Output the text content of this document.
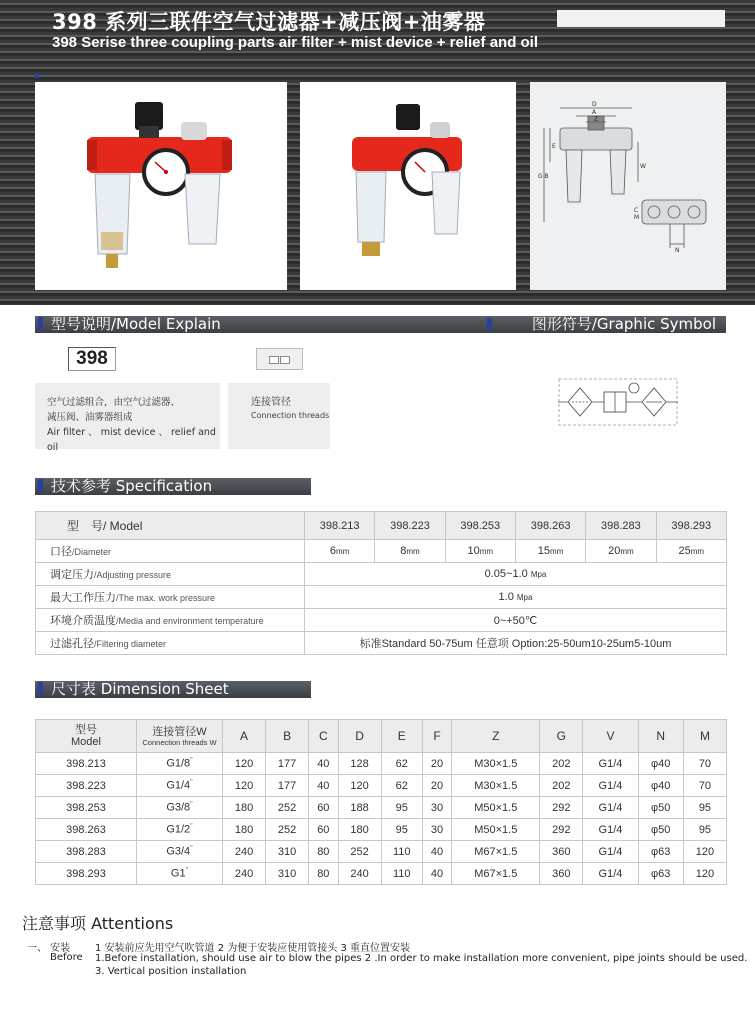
398 系列三联件空气过滤器+减压阀+油雾器
398 Serise three coupling parts air filter + mist device + relief and oil
D
A
Z
E
G B
W
C
M
N
型号说明/Model Explain	图形符号/Graphic Symbol
398
空气过滤组合，由空气过滤器、
减压阀、油雾器组成
Air filter 、 mist device 、 relief and oil
连接管径
Connection threads
技术参考 Specification
型　号/ Model	398.213	398.223	398.253	398.263	398.283	398.293
口径/Diameter	6mm	8mm	10mm	15mm	20mm	25mm
调定压力/Adjusting pressure	0.05~1.0 Mpa					
最大工作压力/The max. work pressure	1.0 Mpa					
环境介质温度/Media and environment temperature	0~+50℃					
过滤孔径/Filtering diameter	标准Standard 50-75um 任意项 Option:25-50um10-25um5-10um					
尺寸表 Dimension Sheet
型号
Model	连接管径W
Connection threads W	A	B	C	D	E	F	Z	G	V	N	M
398.213	G1/8"	120	177	40	128	62	20	M30×1.5	202	G1/4	φ40	70
398.223	G1/4"	120	177	40	120	62	20	M30×1.5	202	G1/4	φ40	70
398.253	G3/8"	180	252	60	188	95	30	M50×1.5	292	G1/4	φ50	95
398.263	G1/2"	180	252	60	180	95	30	M50×1.5	292	G1/4	φ50	95
398.283	G3/4"	240	310	80	252	110	40	M67×1.5	360	G1/4	φ63	120
398.293	G1"	240	310	80	240	110	40	M67×1.5	360	G1/4	φ63	120
注意事项 Attentions
一、 安装
Before
1 安装前应先用空气吹管道 2 为便于安装应使用管接头 3 重直位置安装
1.Before installation, should use air to blow the pipes 2 .In order to make installation more convenient, pipe joints should be used.
3. Vertical position installation
